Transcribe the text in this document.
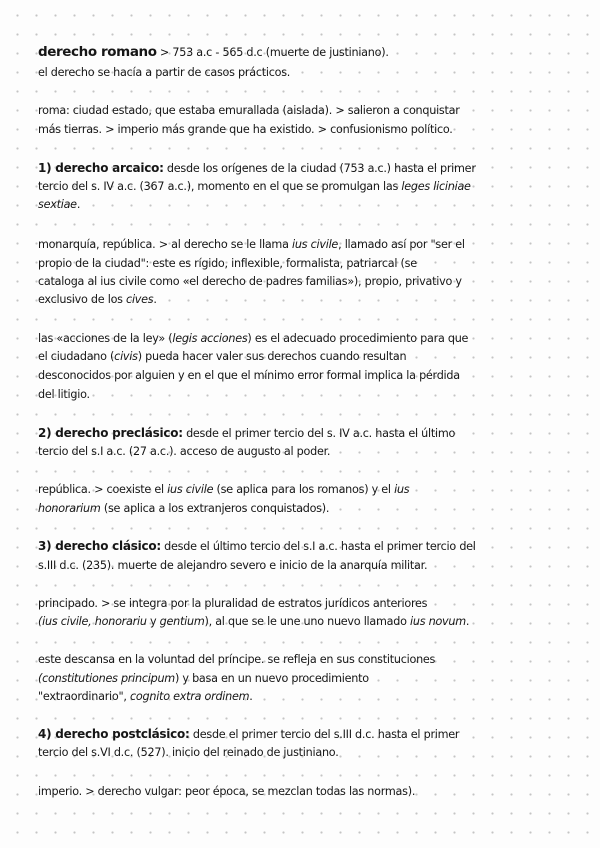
derecho romano > 753 a.c - 565 d.c (muerte de justiniano).
el derecho se hacía a partir de casos prácticos.
roma: ciudad estado, que estaba emurallada (aislada). > salieron a conquistar
más tierras. > imperio más grande que ha existido. > confusionismo político.
1) derecho arcaico: desde los orígenes de la ciudad (753 a.c.) hasta el primer
tercio del s. IV a.c. (367 a.c.), momento en el que se promulgan las leges liciniae
sextiae.
monarquía, república. > al derecho se le llama ius civile, llamado así por "ser el
propio de la ciudad": este es rígido, inflexible, formalista, patriarcal (se
cataloga al ius civile como «el derecho de padres familias»), propio, privativo y
exclusivo de los cives.
las «acciones de la ley» (legis acciones) es el adecuado procedimiento para que
el ciudadano (civis) pueda hacer valer sus derechos cuando resultan
desconocidos por alguien y en el que el mínimo error formal implica la pérdida
del litigio.
2) derecho preclásico: desde el primer tercio del s. IV a.c. hasta el último
tercio del s.I a.c. (27 a.c.). acceso de augusto al poder.
república. > coexiste el ius civile (se aplica para los romanos) y el ius
honorarium (se aplica a los extranjeros conquistados).
3) derecho clásico: desde el último tercio del s.I a.c. hasta el primer tercio del
s.III d.c. (235). muerte de alejandro severo e inicio de la anarquía militar.
principado. > se integra por la pluralidad de estratos jurídicos anteriores
(ius civile, honorariu y gentium), al que se le une uno nuevo llamado ius novum.
este descansa en la voluntad del príncipe. se refleja en sus constituciones
(constitutiones principum) y basa en un nuevo procedimiento
"extraordinario", cognito extra ordinem.
4) derecho postclásico: desde el primer tercio del s.III d.c. hasta el primer
tercio del s.VI d.c. (527). inicio del reinado de justiniano.
imperio. > derecho vulgar: peor época, se mezclan todas las normas).
